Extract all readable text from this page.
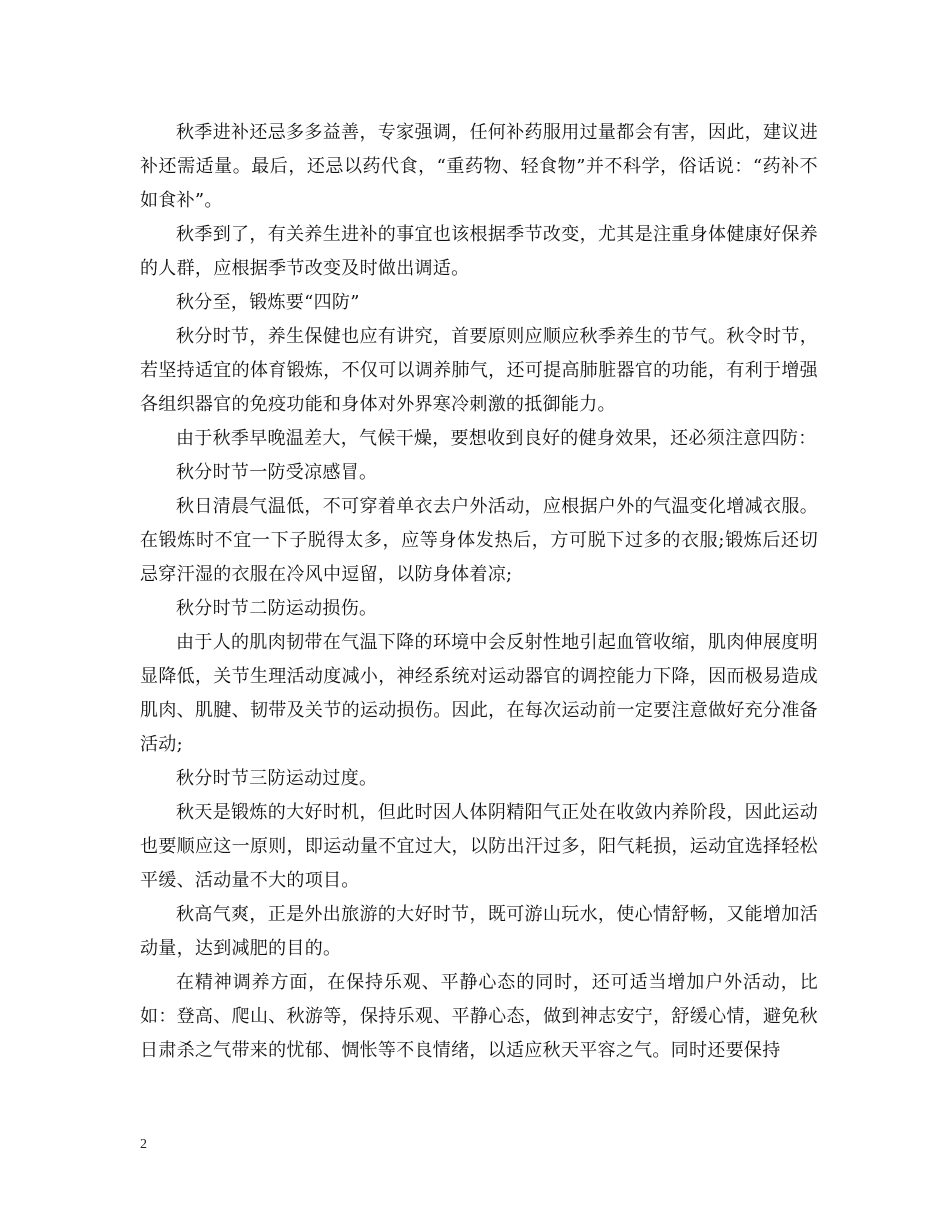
秋季进补还忌多多益善，专家强调，任何补药服用过量都会有害，因此，建议进补还需适量。最后，还忌以药代食，“重药物、轻食物”并不科学，俗话说：“药补不如食补”。

秋季到了，有关养生进补的事宜也该根据季节改变，尤其是注重身体健康好保养的人群，应根据季节改变及时做出调适。

秋分至，锻炼要“四防”

秋分时节，养生保健也应有讲究，首要原则应顺应秋季养生的节气。秋令时节，若坚持适宜的体育锻炼，不仅可以调养肺气，还可提高肺脏器官的功能，有利于增强各组织器官的免疫功能和身体对外界寒冷刺激的抵御能力。

由于秋季早晚温差大，气候干燥，要想收到良好的健身效果，还必须注意四防：

秋分时节一防受凉感冒。

秋日清晨气温低，不可穿着单衣去户外活动，应根据户外的气温变化增减衣服。在锻炼时不宜一下子脱得太多，应等身体发热后，方可脱下过多的衣服;锻炼后还切忌穿汗湿的衣服在冷风中逗留，以防身体着凉;

秋分时节二防运动损伤。

由于人的肌肉韧带在气温下降的环境中会反射性地引起血管收缩，肌肉伸展度明显降低，关节生理活动度减小，神经系统对运动器官的调控能力下降，因而极易造成肌肉、肌腱、韧带及关节的运动损伤。因此，在每次运动前一定要注意做好充分准备活动;

秋分时节三防运动过度。

秋天是锻炼的大好时机，但此时因人体阴精阳气正处在收敛内养阶段，因此运动也要顺应这一原则，即运动量不宜过大，以防出汗过多，阳气耗损，运动宜选择轻松平缓、活动量不大的项目。

秋高气爽，正是外出旅游的大好时节，既可游山玩水，使心情舒畅，又能增加活动量，达到减肥的目的。

在精神调养方面，在保持乐观、平静心态的同时，还可适当增加户外活动，比如：登高、爬山、秋游等，保持乐观、平静心态，做到神志安宁，舒缓心情，避免秋日肃杀之气带来的忧郁、惆怅等不良情绪，以适应秋天平容之气。同时还要保持

2
